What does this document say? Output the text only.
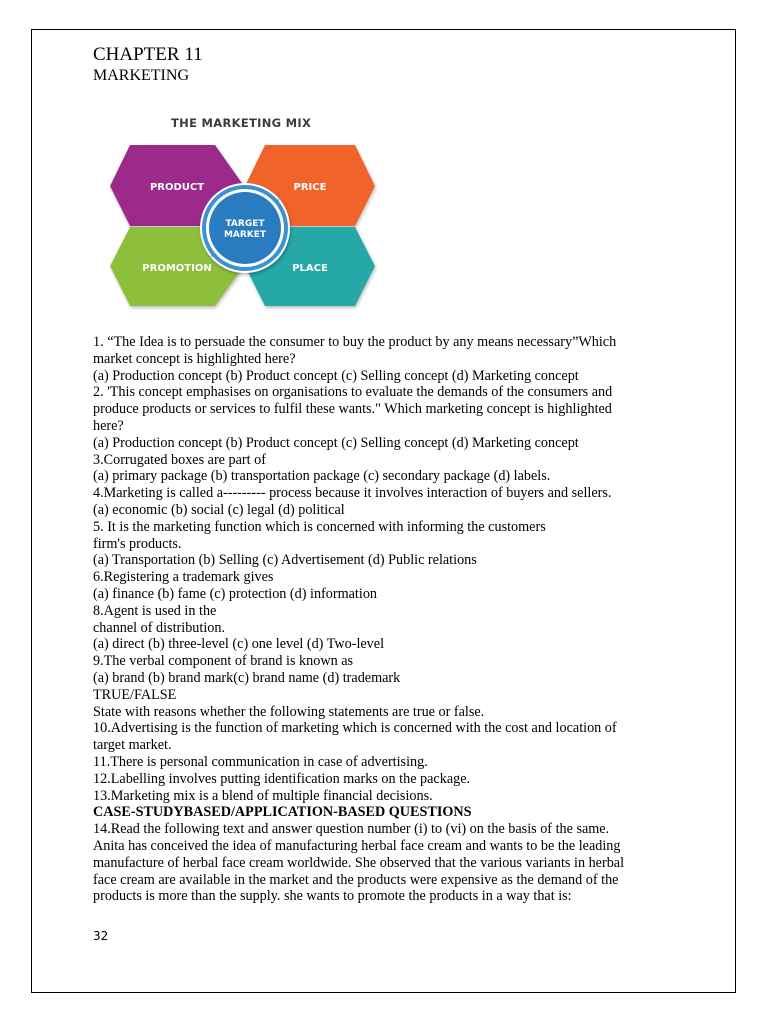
CHAPTER 11
MARKETING
THE MARKETING MIX
PRODUCT	PRICE
PROMOTION	PLACE
TARGET
MARKET
1. “The Idea is to persuade the consumer to buy the product by any means necessary”Which
market concept is highlighted here?
(a) Production concept (b) Product concept (c) Selling concept (d) Marketing concept
2. 'This concept emphasises on organisations to evaluate the demands of the consumers and
produce products or services to fulfil these wants." Which marketing concept is highlighted
here?
(a) Production concept (b) Product concept (c) Selling concept (d) Marketing concept
3.Corrugated boxes are part of
(a) primary package (b) transportation package (c) secondary package (d) labels.
4.Marketing is called a--------- process because it involves interaction of buyers and sellers.
(a) economic (b) social (c) legal (d) political
5. It is the marketing function which is concerned with informing the customers
firm's products.
(a) Transportation (b) Selling (c) Advertisement (d) Public relations
6.Registering a trademark gives
(a) finance (b) fame (c) protection (d) information
8.Agent is used in the
channel of distribution.
(a) direct (b) three-level (c) one level (d) Two-level
9.The verbal component of brand is known as
(a) brand (b) brand mark(c) brand name (d) trademark
TRUE/FALSE
State with reasons whether the following statements are true or false.
10.Advertising is the function of marketing which is concerned with the cost and location of
target market.
11.There is personal communication in case of advertising.
12.Labelling involves putting identification marks on the package.
13.Marketing mix is a blend of multiple financial decisions.
CASE-STUDYBASED/APPLICATION-BASED QUESTIONS
14.Read the following text and answer question number (i) to (vi) on the basis of the same.
Anita has conceived the idea of manufacturing herbal face cream and wants to be the leading
manufacture of herbal face cream worldwide. She observed that the various variants in herbal
face cream are available in the market and the products were expensive as the demand of the
products is more than the supply. she wants to promote the products in a way that is:
32
